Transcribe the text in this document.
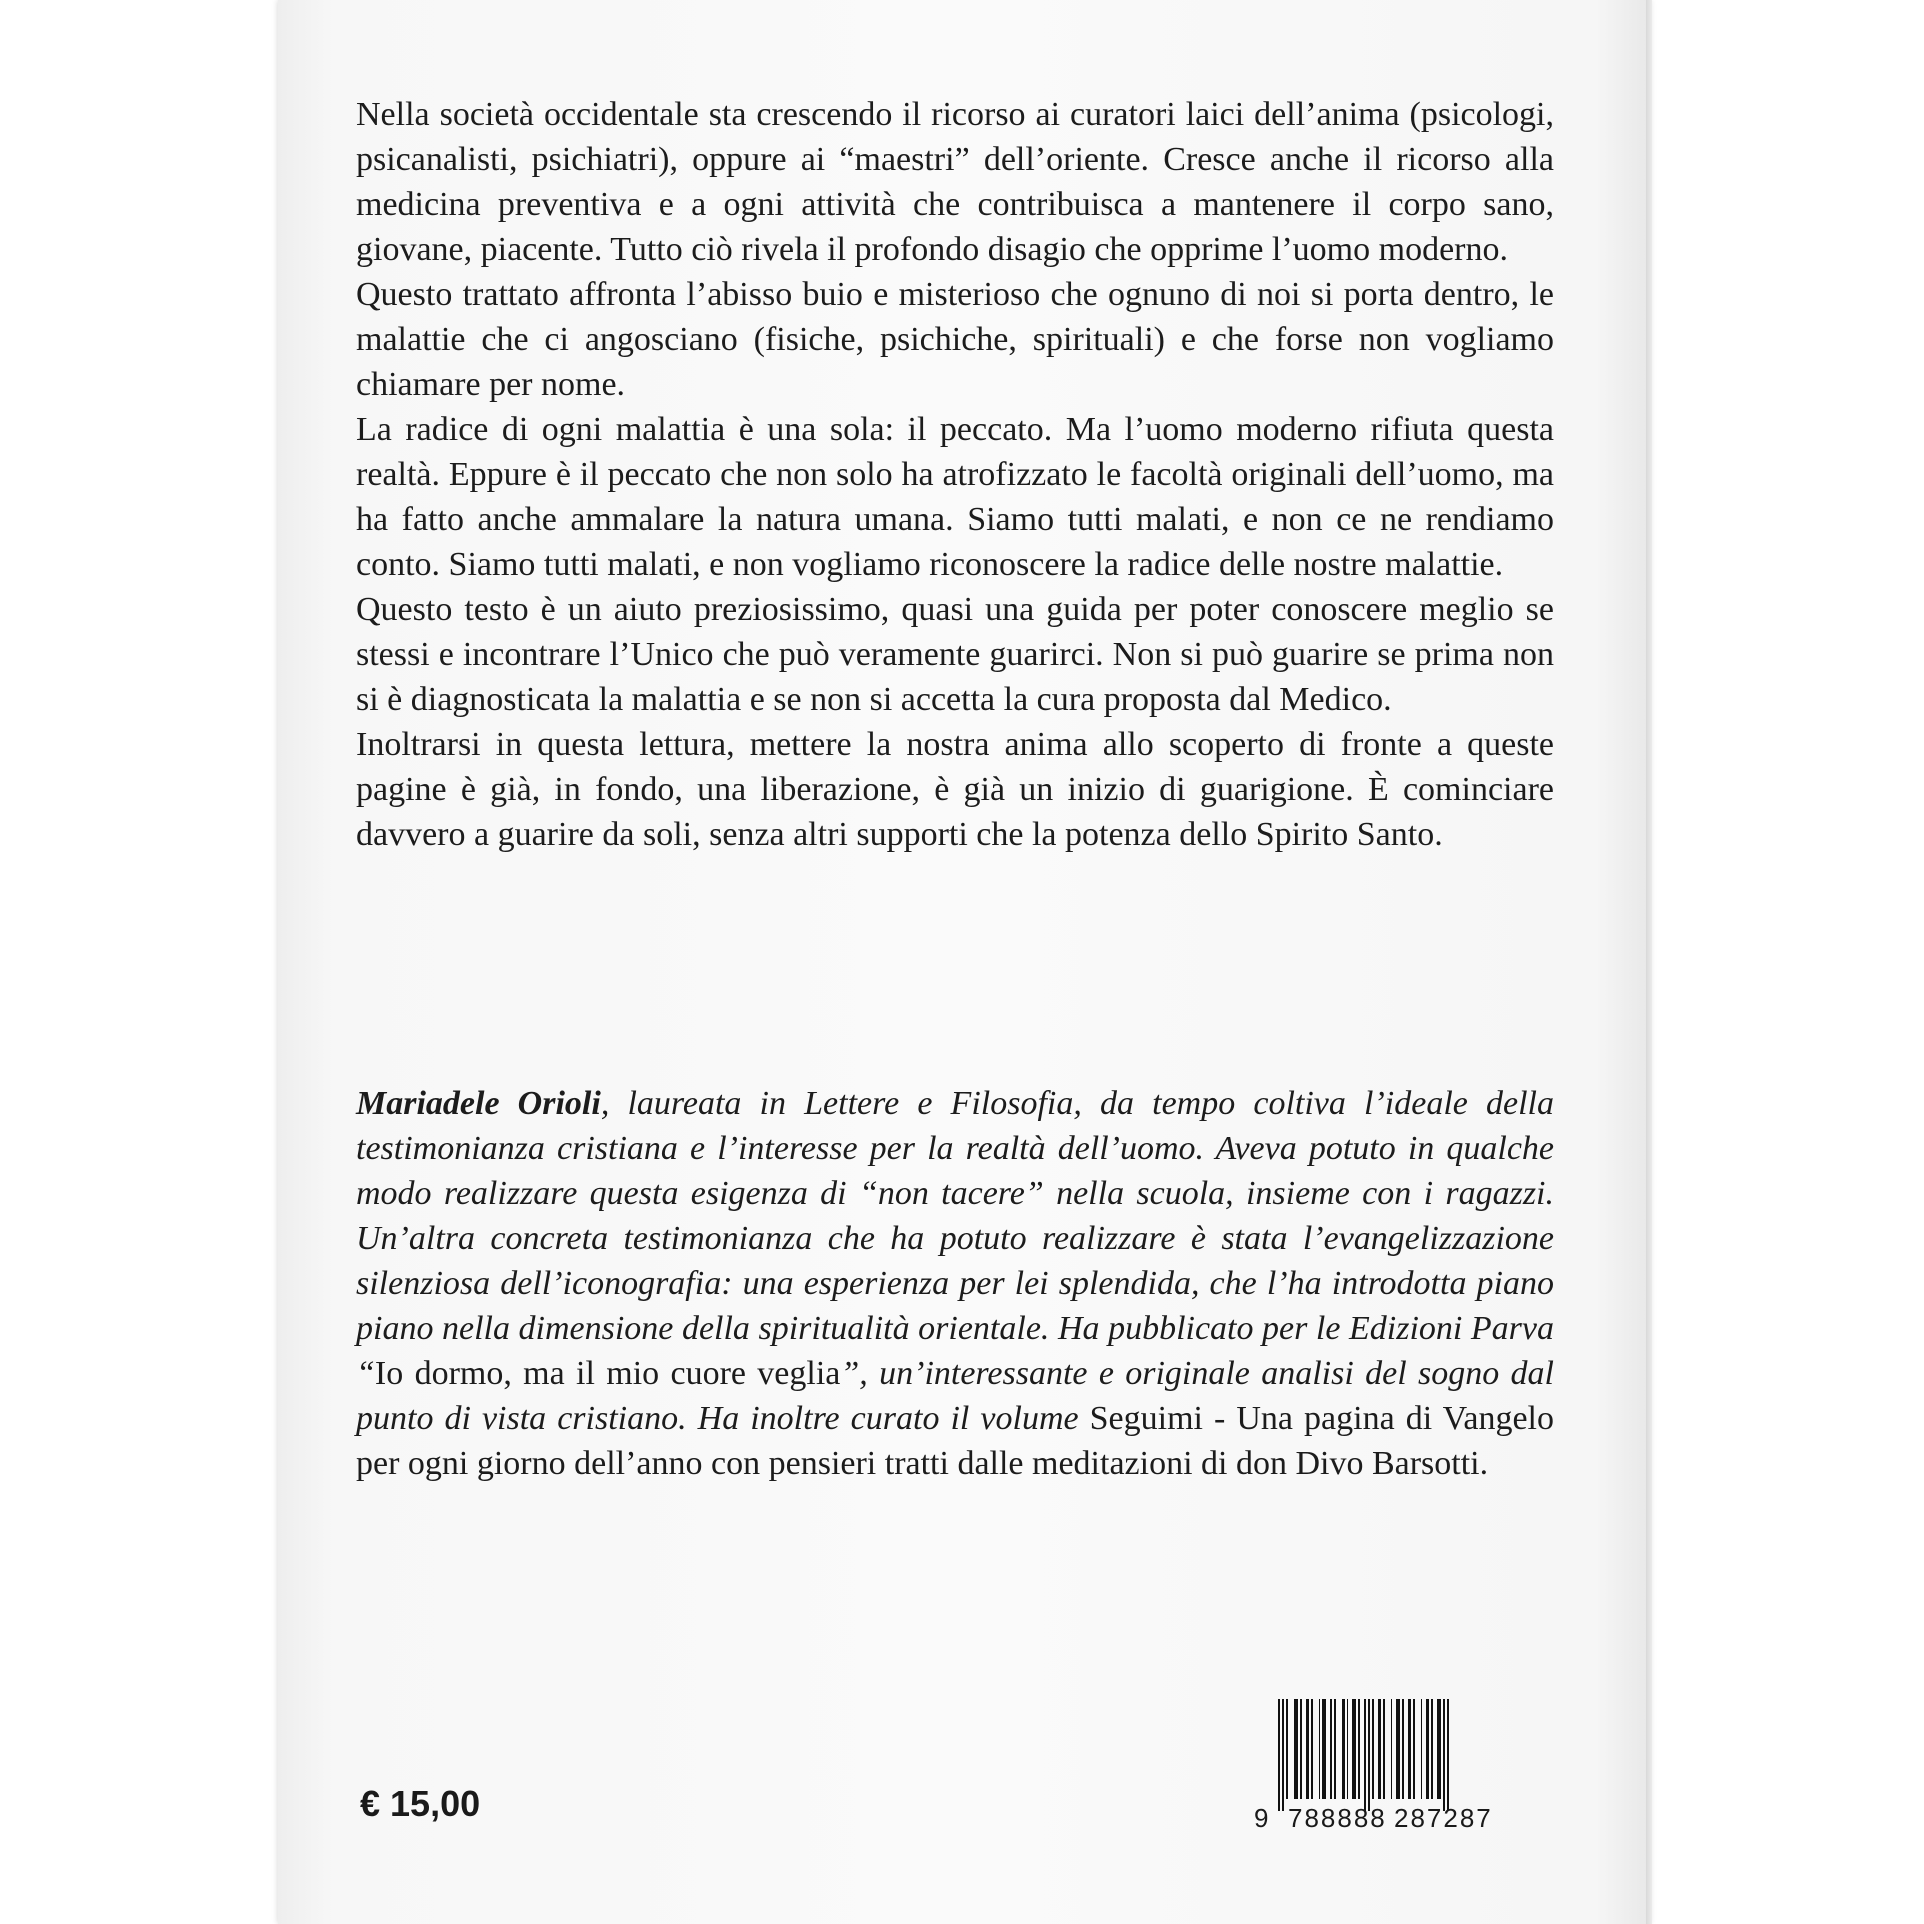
Nella società occidentale sta crescendo il ricorso ai curatori laici dell’anima (psicologi, psicanalisti, psichiatri), oppure ai “maestri” dell’oriente. Cresce anche il ricorso alla medicina preventiva e a ogni attività che contribuisca a mantenere il corpo sano, giovane, piacente. Tutto ciò rivela il profondo disagio che opprime l’uomo moderno.

Questo trattato affronta l’abisso buio e misterioso che ognuno di noi si porta dentro, le malattie che ci angosciano (fisiche, psichiche, spirituali) e che forse non vogliamo chiamare per nome.

La radice di ogni malattia è una sola: il peccato. Ma l’uomo moderno rifiuta questa realtà. Eppure è il peccato che non solo ha atrofizzato le facoltà originali dell’uomo, ma ha fatto anche ammalare la natura umana. Siamo tutti malati, e non ce ne rendiamo conto. Siamo tutti malati, e non vogliamo riconoscere la radice delle nostre malattie.

Questo testo è un aiuto preziosissimo, quasi una guida per poter conoscere meglio se stessi e incontrare l’Unico che può veramente guarirci. Non si può guarire se prima non si è diagnosticata la malattia e se non si accetta la cura proposta dal Medico.

Inoltrarsi in questa lettura, mettere la nostra anima allo scoperto di fronte a queste pagine è già, in fondo, una liberazione, è già un inizio di guarigione. È cominciare davvero a guarire da soli, senza altri supporti che la potenza dello Spirito Santo.

Mariadele Orioli, laureata in Lettere e Filosofia, da tempo coltiva l’ideale della testimonianza cristiana e l’interesse per la realtà dell’uomo. Aveva potuto in qualche modo realizzare questa esigenza di “non tacere” nella scuola, insieme con i ragazzi. Un’altra concreta testimonianza che ha potuto realizzare è stata l’evangelizzazione silenziosa dell’iconografia: una esperienza per lei splendida, che l’ha introdotta piano piano nella dimensione della spiritualità orientale. Ha pubblicato per le Edizioni Parva “Io dormo, ma il mio cuore veglia”, un’interessante e originale analisi del sogno dal punto di vista cristiano. Ha inoltre curato il volume Seguimi - Una pagina di Vangelo per ogni giorno dell’anno con pensieri tratti dalle meditazioni di don Divo Barsotti.

€ 15,00	9 788888 287287
